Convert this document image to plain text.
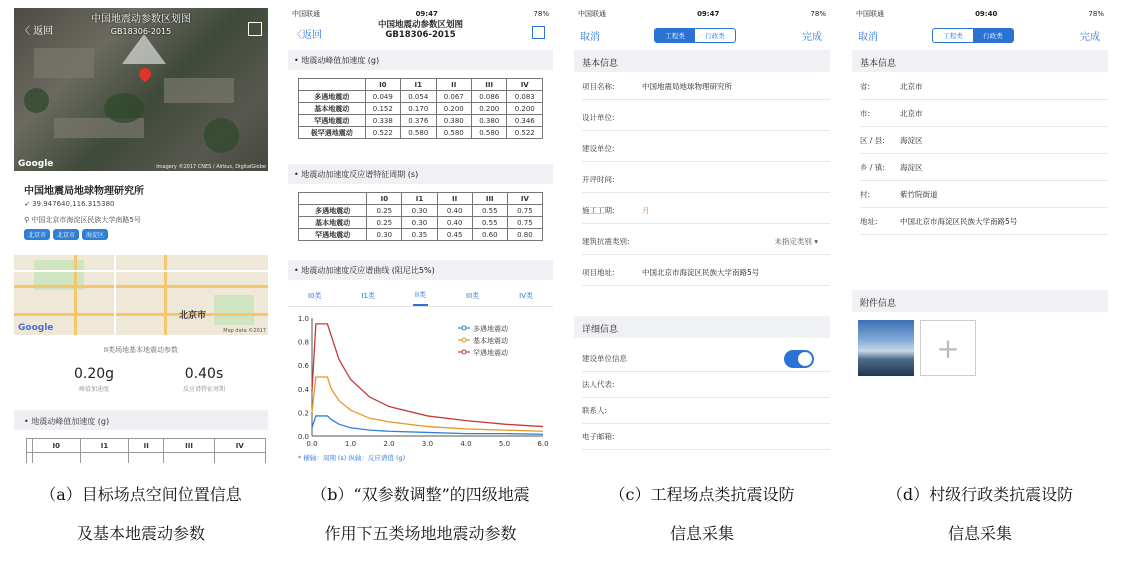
〈 返回
中国地震动参数区划图
GB18306-2015
Google	Imagery ©2017 CNES / Airbus, DigitalGlobe
中国地震局地球物理研究所
➶ 39.947640,116.315380
⚲ 中国北京市海淀区民族大学南路5号
北京市	北京市	海淀区
北京市
Google	Map data ©2017
II类场地基本地震动参数
0.20g
峰值加速度
0.40s
反应谱特征周期
• 地震动峰值加速度 (g)
	I0	I1	II	III	IV

中国联通	09:47	78%
〈返回
中国地震动参数区划图
GB18306-2015
• 地震动峰值加速度 (g)
	I0	I1	II	III	IV
多遇地震动	0.049	0.054	0.067	0.086	0.083
基本地震动	0.152	0.170	0.200	0.200	0.200
罕遇地震动	0.338	0.376	0.380	0.380	0.346
极罕遇地震动	0.522	0.580	0.580	0.580	0.522
• 地震动加速度反应谱特征周期 (s)
	I0	I1	II	III	IV
多遇地震动	0.25	0.30	0.40	0.55	0.75
基本地震动	0.25	0.30	0.40	0.55	0.75
罕遇地震动	0.30	0.35	0.45	0.60	0.80
• 地震动加速度反应谱曲线 (阻尼比5%)
I0类	I1类	II类	III类	IV类
0.0	1.0	2.0	3.0	4.0	5.0	6.0
0.0
0.2
0.4
0.6
0.8
1.0
多遇地震动
基本地震动
罕遇地震动
* 横轴：周期 (s) 纵轴：反应谱值 (g)
中国联通	09:47	78%
取消	工程类	行政类	完成
基本信息
项目名称:	中国地震局地球物理研究所
设计单位:
建设单位:
开评时间:
施工工期:	月
建筑抗震类别:	未指定类别 ▾
项目地址:	中国北京市海淀区民族大学南路5号
详细信息
建设单位信息
法人代表:
联系人:
电子邮箱:
中国联通	09:40	78%
取消	工程类	行政类	完成
基本信息
省:	北京市
市:	北京市
区 / 县:	海淀区
乡 / 镇:	海淀区
村:	紫竹院街道
地址:	中国北京市海淀区民族大学南路5号
附件信息
+
（a）目标场点空间位置信息
及基本地震动参数
（b）“双参数调整”的四级地震
作用下五类场地地震动参数
（c）工程场点类抗震设防
信息采集
（d）村级行政类抗震设防
信息采集
